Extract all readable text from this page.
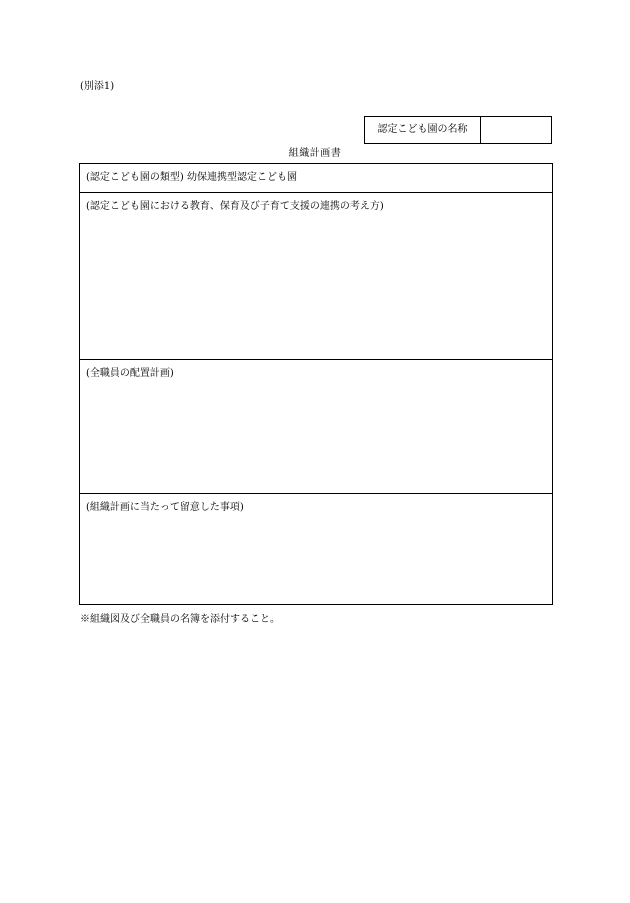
(別添1)
認定こども園の名称
組織計画書
(認定こども園の類型) 幼保連携型認定こども園
(認定こども園における教育、保育及び子育て支援の連携の考え方)
(全職員の配置計画)
(組織計画に当たって留意した事項)
※組織図及び全職員の名簿を添付すること。
